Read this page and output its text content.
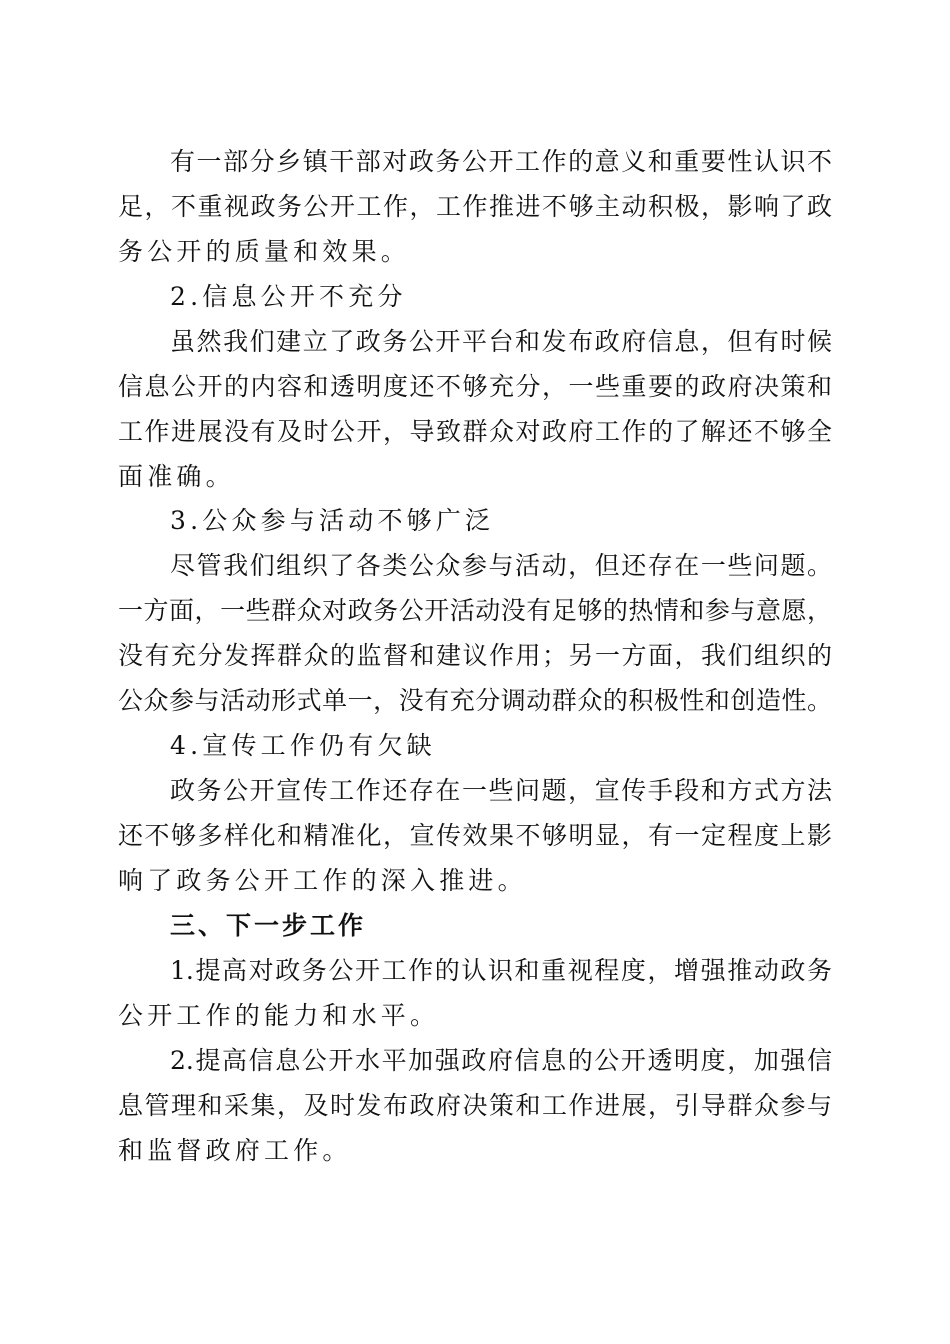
有一部分乡镇干部对政务公开工作的意义和重要性认识不
足，不重视政务公开工作，工作推进不够主动积极，影响了政
务公开的质量和效果。
2.信息公开不充分
虽然我们建立了政务公开平台和发布政府信息，但有时候
信息公开的内容和透明度还不够充分，一些重要的政府决策和
工作进展没有及时公开，导致群众对政府工作的了解还不够全
面准确。
3.公众参与活动不够广泛
尽管我们组织了各类公众参与活动，但还存在一些问题。
一方面，一些群众对政务公开活动没有足够的热情和参与意愿，
没有充分发挥群众的监督和建议作用；另一方面，我们组织的
公众参与活动形式单一，没有充分调动群众的积极性和创造性。
4.宣传工作仍有欠缺
政务公开宣传工作还存在一些问题，宣传手段和方式方法
还不够多样化和精准化，宣传效果不够明显，有一定程度上影
响了政务公开工作的深入推进。
三、下一步工作
1.提高对政务公开工作的认识和重视程度，增强推动政务
公开工作的能力和水平。
2.提高信息公开水平加强政府信息的公开透明度，加强信
息管理和采集，及时发布政府决策和工作进展，引导群众参与
和监督政府工作。
